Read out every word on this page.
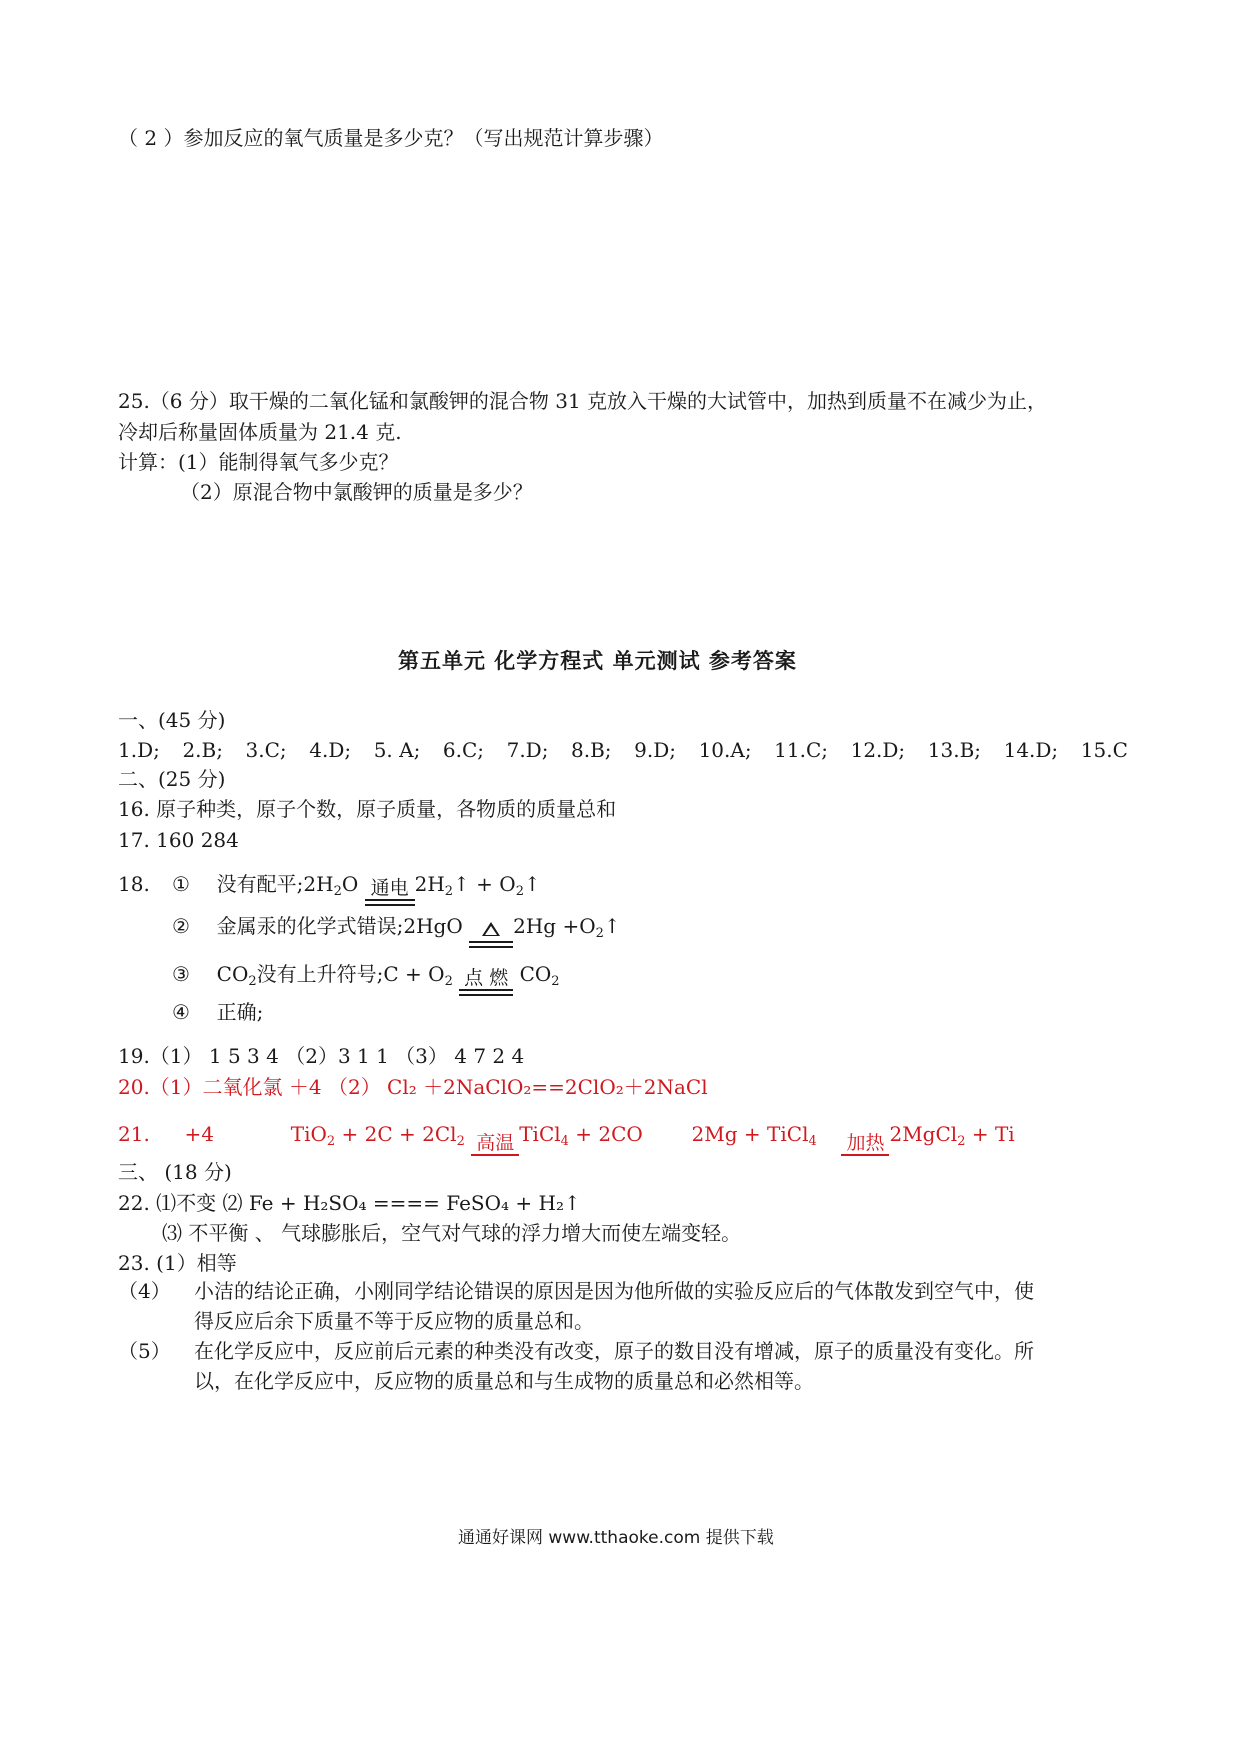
（ 2 ）参加反应的氧气质量是多少克？（写出规范计算步骤）
25.（6 分）取干燥的二氧化锰和氯酸钾的混合物 31 克放入干燥的大试管中，加热到质量不在减少为止，
冷却后称量固体质量为 21.4 克.
计算：(1）能制得氧气多少克？
（2）原混合物中氯酸钾的质量是多少？
第五单元 化学方程式 单元测试 参考答案
一、(45 分)
1.D; 2.B; 3.C; 4.D; 5. A; 6.C; 7.D; 8.B; 9.D; 10.A; 11.C; 12.D; 13.B; 14.D; 15.C
二、(25 分)
16. 原子种类，原子个数，原子质量，各物质的质量总和
17. 160 284
18. ① 没有配平$;2H_2O$ 通电 $2H_2↑$ + $O_2↑$
② 金属汞的化学式错误;2HgO	$2Hg +O_2↑$
③ $CO_2$没有上升符号;C + $O_2$ 点 燃 $CO_2$
④ 正确;
19.（1） 1 5 3 4 （2）3 1 1 （3） 4 7 2 4
20.（1）二氧化氯 ＋4 （2） Cl₂ ＋2NaClO₂==2ClO₂＋2NaCl
21. +4	$TiO_2 + 2C + 2Cl_2$ 高温 TiCl$_4$ + 2CO 2Mg + TiCl$_4$ 加热 2MgCl$_2$ + Ti
三、 (18 分)
22. ⑴不变 ⑵ Fe + H₂SO₄ ==== FeSO₄ + H₂↑
⑶ 不平衡 、 气球膨胀后，空气对气球的浮力增大而使左端变轻。
23. (1）相等
（4） 小洁的结论正确，小刚同学结论错误的原因是因为他所做的实验反应后的气体散发到空气中，使
得反应后余下质量不等于反应物的质量总和。
（5） 在化学反应中，反应前后元素的种类没有改变，原子的数目没有增减，原子的质量没有变化。所
以，在化学反应中，反应物的质量总和与生成物的质量总和必然相等。
通通好课网 www.tthaoke.com 提供下载
